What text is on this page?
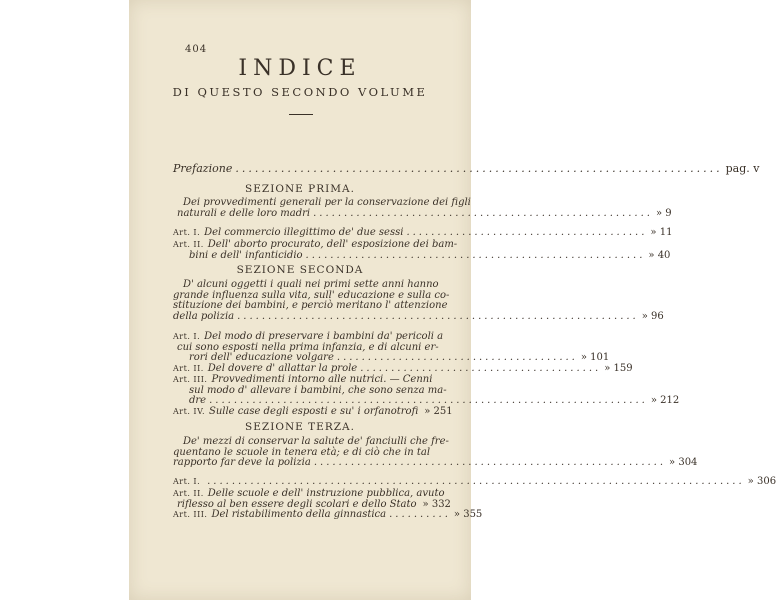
404
INDICE
DI QUESTO SECONDO VOLUME
Prefazione ........................................................................... pag. v
SEZIONE PRIMA.
Dei provvedimenti generali per la conservazione dei figli
naturali e delle loro madri ....................................................... » 9
Art. I. Del commercio illegittimo de' due sessi ....................................... » 11
Art. II. Dell' aborto procurato, dell' esposizione dei bam-
bini e dell' infanticidio ....................................................... » 40
SEZIONE SECONDA
D' alcuni oggetti i quali nei primi sette anni hanno
grande influenza sulla vita, sull' educazione e sulla co-
stituzione dei bambini, e perciò meritano l' attenzione
della polizia ................................................................. » 96
Art. I. Del modo di preservare i bambini da' pericoli a
cui sono esposti nella prima infanzia, e di alcuni er-
rori dell' educazione volgare ....................................... » 101
Art. II. Del dovere d' allattar la prole ....................................... » 159
Art. III. Provvedimenti intorno alle nutrici. — Cenni
sul modo d' allevare i bambini, che sono senza ma-
dre ....................................................................... » 212
Art. IV. Sulle case degli esposti e su' i orfanotrofi » 251
SEZIONE TERZA.
De' mezzi di conservar la salute de' fanciulli che fre-
quentano le scuole in tenera età; e di ciò che in tal
rapporto far deve la polizia ......................................................... » 304
Art. I. ....................................................................................... » 306
Art. II. Delle scuole e dell' instruzione pubblica, avuto
riflesso al ben essere degli scolari e dello Stato » 332
Art. III. Del ristabilimento della ginnastica .......... » 355
